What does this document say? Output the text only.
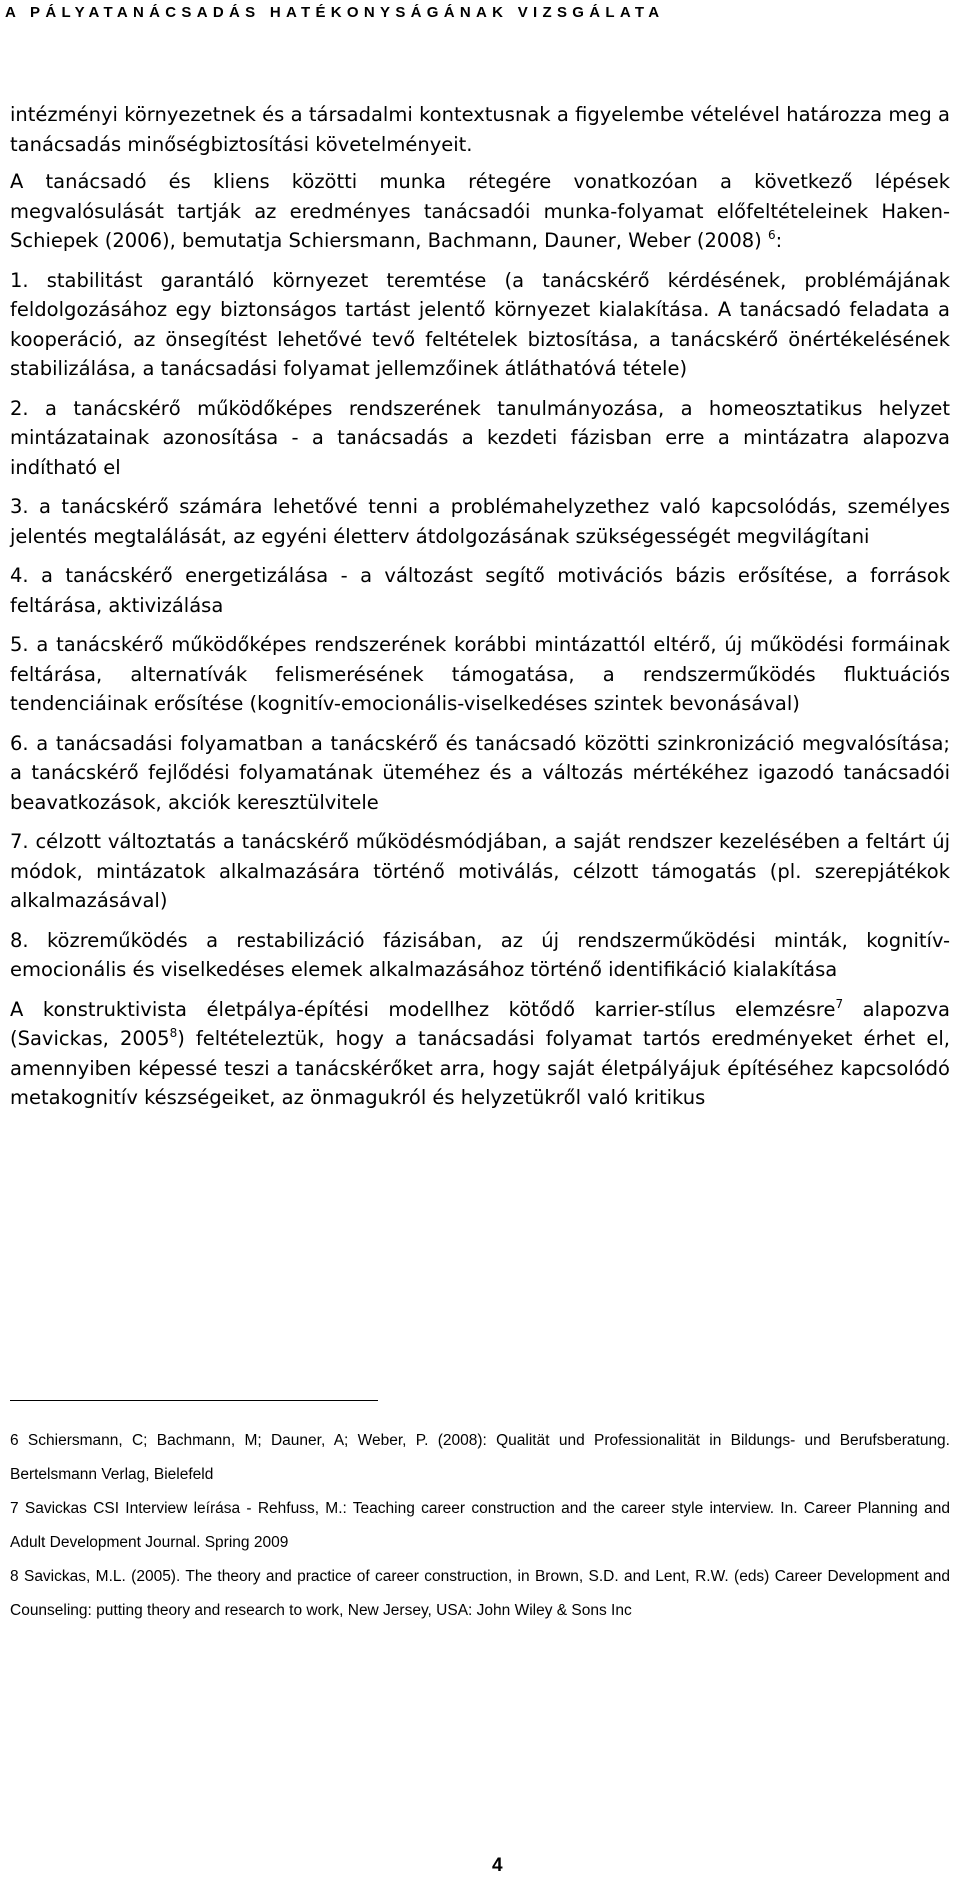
A PÁLYATANÁCSADÁS HATÉKONYSÁGÁNAK VIZSGÁLATA

intézményi környezetnek és a társadalmi kontextusnak a figyelembe vételével határozza meg a tanácsadás minőségbiztosítási követelményeit.

A tanácsadó és kliens közötti munka rétegére vonatkozóan a következő lépések megvalósulását tartják az eredményes tanácsadói munka-folyamat előfeltételeinek Haken-Schiepek (2006), bemutatja Schiersmann, Bachmann, Dauner, Weber (2008) $^6$:

1. stabilitást garantáló környezet teremtése (a tanácskérő kérdésének, problémájának feldolgozásához egy biztonságos tartást jelentő környezet kialakítása. A tanácsadó feladata a kooperáció, az önsegítést lehetővé tevő feltételek biztosítása, a tanácskérő önértékelésének stabilizálása, a tanácsadási folyamat jellemzőinek átláthatóvá tétele)

2. a tanácskérő működőképes rendszerének tanulmányozása, a homeosztatikus helyzet mintázatainak azonosítása - a tanácsadás a kezdeti fázisban erre a mintázatra alapozva indítható el

3. a tanácskérő számára lehetővé tenni a problémahelyzethez való kapcsolódás, személyes jelentés megtalálását, az egyéni életterv átdolgozásának szükségességét megvilágítani

4. a tanácskérő energetizálása - a változást segítő motivációs bázis erősítése, a források feltárása, aktivizálása

5. a tanácskérő működőképes rendszerének korábbi mintázattól eltérő, új működési formáinak feltárása, alternatívák felismerésének támogatása, a rendszerműködés fluktuációs tendenciáinak erősítése (kognitív-emocionális-viselkedéses szintek bevonásával)

6. a tanácsadási folyamatban a tanácskérő és tanácsadó közötti szinkronizáció megvalósítása; a tanácskérő fejlődési folyamatának üteméhez és a változás mértékéhez igazodó tanácsadói beavatkozások, akciók keresztülvitele

7. célzott változtatás a tanácskérő működésmódjában, a saját rendszer kezelésében a feltárt új módok, mintázatok alkalmazására történő motiválás, célzott támogatás (pl. szerepjátékok alkalmazásával)

8. közreműködés a restabilizáció fázisában, az új rendszerműködési minták, kognitív-emocionális és viselkedéses elemek alkalmazásához történő identifikáció kialakítása

A konstruktivista életpálya-építési modellhez kötődő karrier-stílus elemzésre$^7$ alapozva (Savickas, 2005$^8$) feltételeztük, hogy a tanácsadási folyamat tartós eredményeket érhet el, amennyiben képessé teszi a tanácskérőket arra, hogy saját életpályájuk építéséhez kapcsolódó metakognitív készségeiket, az önmagukról és helyzetükről való kritikus

6 Schiersmann, C; Bachmann, M; Dauner, A; Weber, P. (2008): Qualität und Professionalität in Bildungs- und Berufsberatung. Bertelsmann Verlag, Bielefeld

7 Savickas CSI Interview leírása - Rehfuss, M.: Teaching career construction and the career style interview. In. Career Planning and Adult Development Journal. Spring 2009

8 Savickas, M.L. (2005). The theory and practice of career construction, in Brown, S.D. and Lent, R.W. (eds) Career Development and Counseling: putting theory and research to work, New Jersey, USA: John Wiley & Sons Inc

4
